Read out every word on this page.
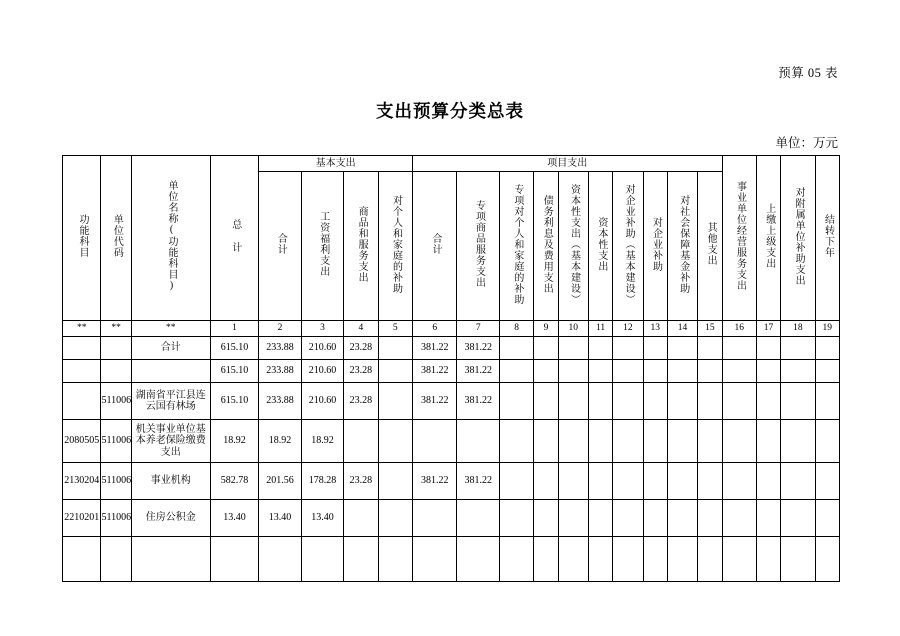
预算 05 表
支出预算分类总表
单位：万元
功能科目	单位代码	单位名称(功能科目)	总 计	基本支出				项目支出										事业单位经营服务支出	上缴上级支出	对附属单位补助支出	结转下年
				合计	工资福利支出	商品和服务支出	对个人和家庭的补助	合计	专项商品服务支出	专项对个人和家庭的补助	债务利息及费用支出	资本性支出（基本建设）	资本性支出	对企业补助（基本建设）	对企业补助	对社会保障基金补助	其他支出				
**	**	**	1	2	3	4	5	6	7	8	9	10	11	12	13	14	15	16	17	18	19
		合计	615.10	233.88	210.60	23.28		381.22	381.22												
			615.10	233.88	210.60	23.28		381.22	381.22												
	511006	湖南省平江县连云国有林场	615.10	233.88	210.60	23.28		381.22	381.22												
2080505	511006	机关事业单位基本养老保险缴费支出	18.92	18.92	18.92																
2130204	511006	事业机构	582.78	201.56	178.28	23.28		381.22	381.22												
2210201	511006	住房公积金	13.40	13.40	13.40																
